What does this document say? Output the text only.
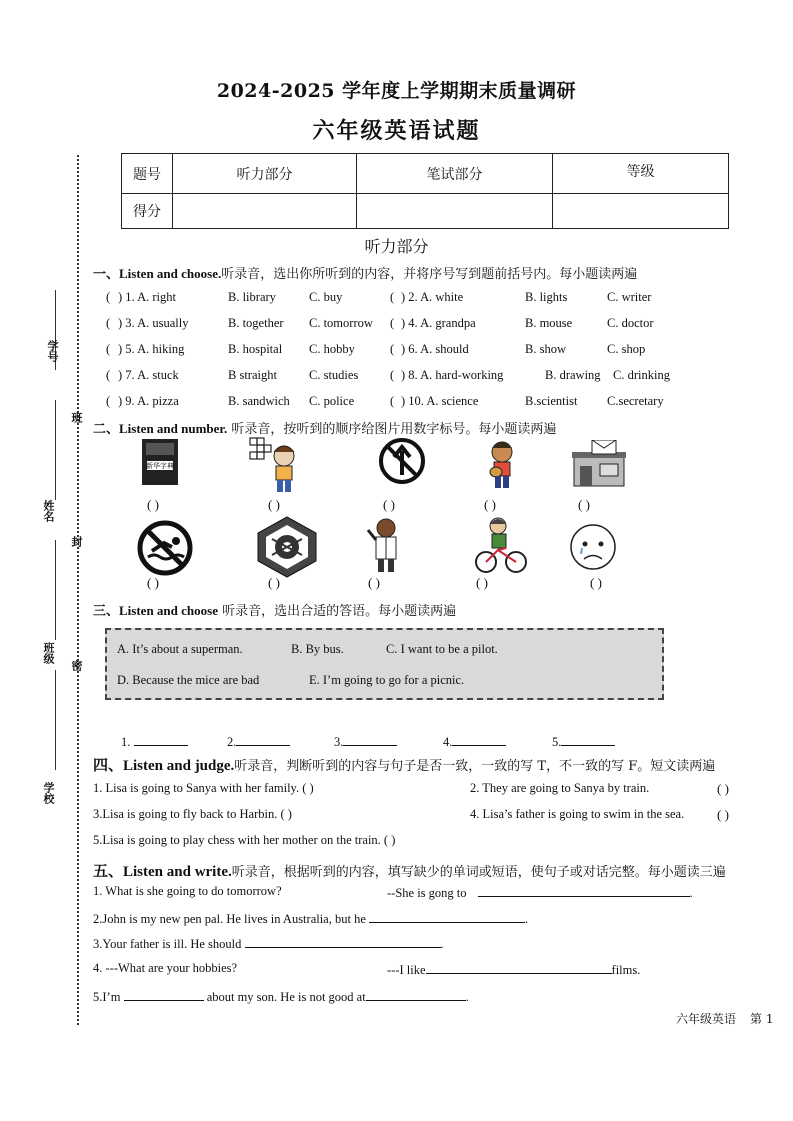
2024-2025 学年度上学期期末质量调研
六年级英语试题
题号	听力部分	笔试部分	等级
得分			
学号
班
姓名
封
班级
密
学校
听力部分
一、Listen and choose.听录音，选出你所听到的内容，并将序号写到题前括号内。每小题读两遍
( ) 1. A. right	B. library	C. buy	( ) 2. A. white	B. lights	C. writer
( ) 3. A. usually	B. together C. tomorrow ( ) 4. A. grandpa	B. mouse	C. doctor
( ) 5. A. hiking	B. hospital C. hobby	( ) 6. A. should	B. show	C. shop
( ) 7. A. stuck	B straight	C. studies	( ) 8. A. hard-working	B. drawing C. drinking
( ) 9. A. pizza	B. sandwich C. police	( ) 10. A. science	B.scientist C.secretary
二、Listen and number. 听录音，按听到的顺序给图片用数字标号。每小题读两遍
新华字典
( )	( )	( )	( )	( )
( )	( )	( )	( )	( )
三、Listen and choose 听录音，选出合适的答语。每小题读两遍
A. It’s about a superman.	B. By bus.	C. I want to be a pilot.
D. Because the mice are bad	E. I’m going to go for a picnic.
1.	2.	3.	4.	5.
四、Listen and judge.听录音，判断听到的内容与句子是否一致，一致的写 T，不一致的写 F。短文读两遍
1. Lisa is going to Sanya with her family. ( )	2. They are going to Sanya by train.	( )
3.Lisa is going to fly back to Harbin. ( )	4. Lisa’s father is going to swim in the sea.	( )
5.Lisa is going to play chess with her mother on the train. ( )
五、Listen and write.听录音，根据听到的内容，填写缺少的单词或短语，使句子或对话完整。每小题读三遍
1. What is she going to do tomorrow?	--She is gong to	.
2.John is my new pen pal. He lives in Australia, but he	.
3.Your father is ill. He should	.
4. ---What are your hobbies?	---I like	films.
5.I’m	about my son. He is not good at	.
六年级英语 第 1
